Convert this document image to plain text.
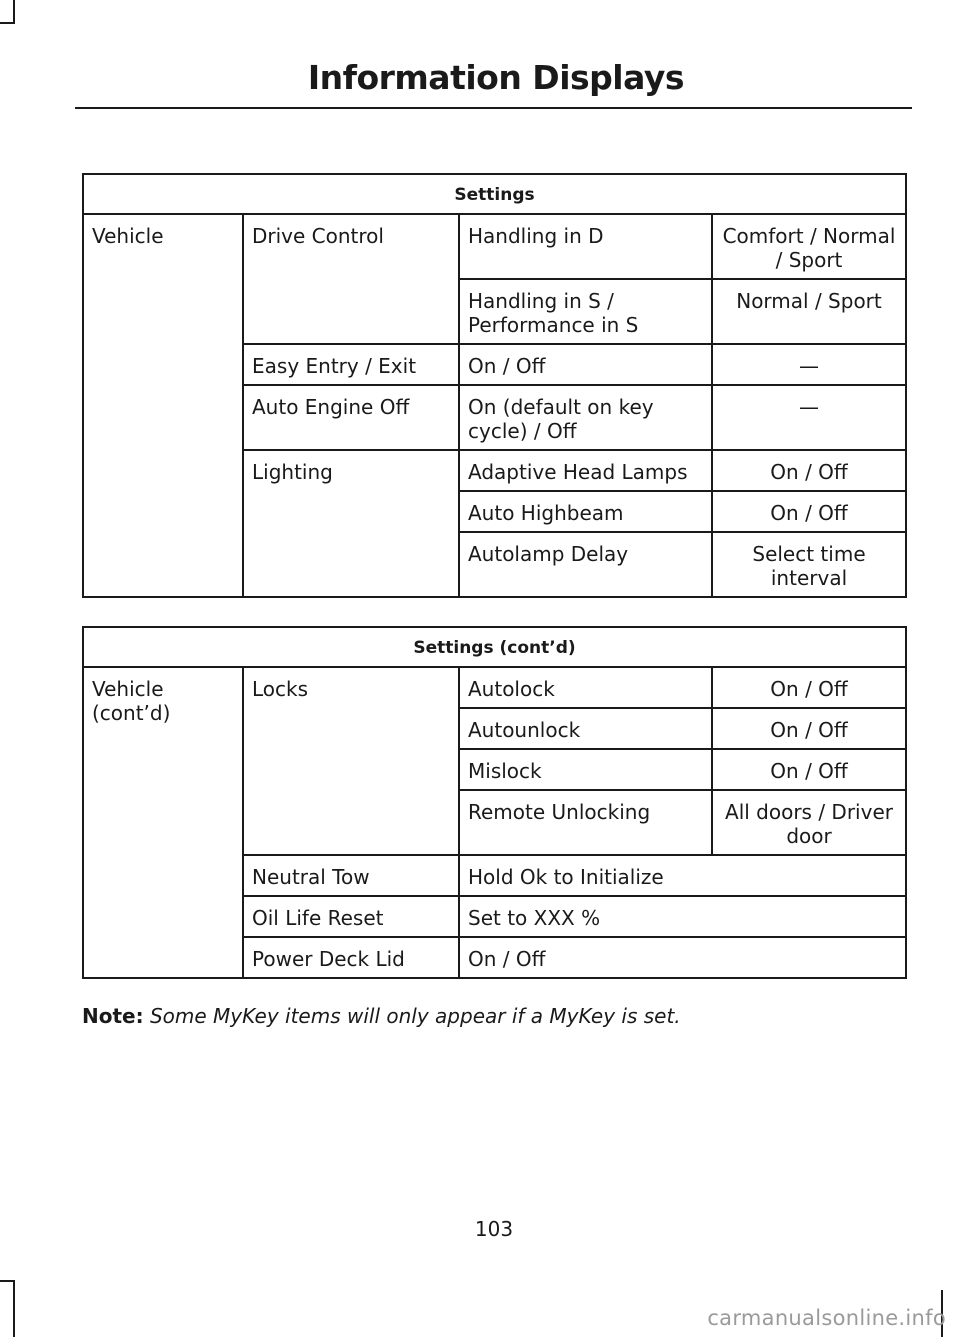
Information Displays
Settings			
Vehicle	Drive Control	Handling in D	Comfort / Normal / Sport
		Handling in S / Performance in S	Normal / Sport
	Easy Entry / Exit	On / Off	—
	Auto Engine Off	On (default on key cycle) / Off	—
	Lighting	Adaptive Head Lamps	On / Off
		Auto Highbeam	On / Off
		Autolamp Delay	Select time interval
Settings (cont’d)			
Vehicle (cont’d)	Locks	Autolock	On / Off
		Autounlock	On / Off
		Mislock	On / Off
		Remote Unlocking	All doors / Driver door
	Neutral Tow	Hold Ok to Initialize	
	Oil Life Reset	Set to XXX %	
	Power Deck Lid	On / Off	
Note: Some MyKey items will only appear if a MyKey is set.
103
carmanualsonline.info
